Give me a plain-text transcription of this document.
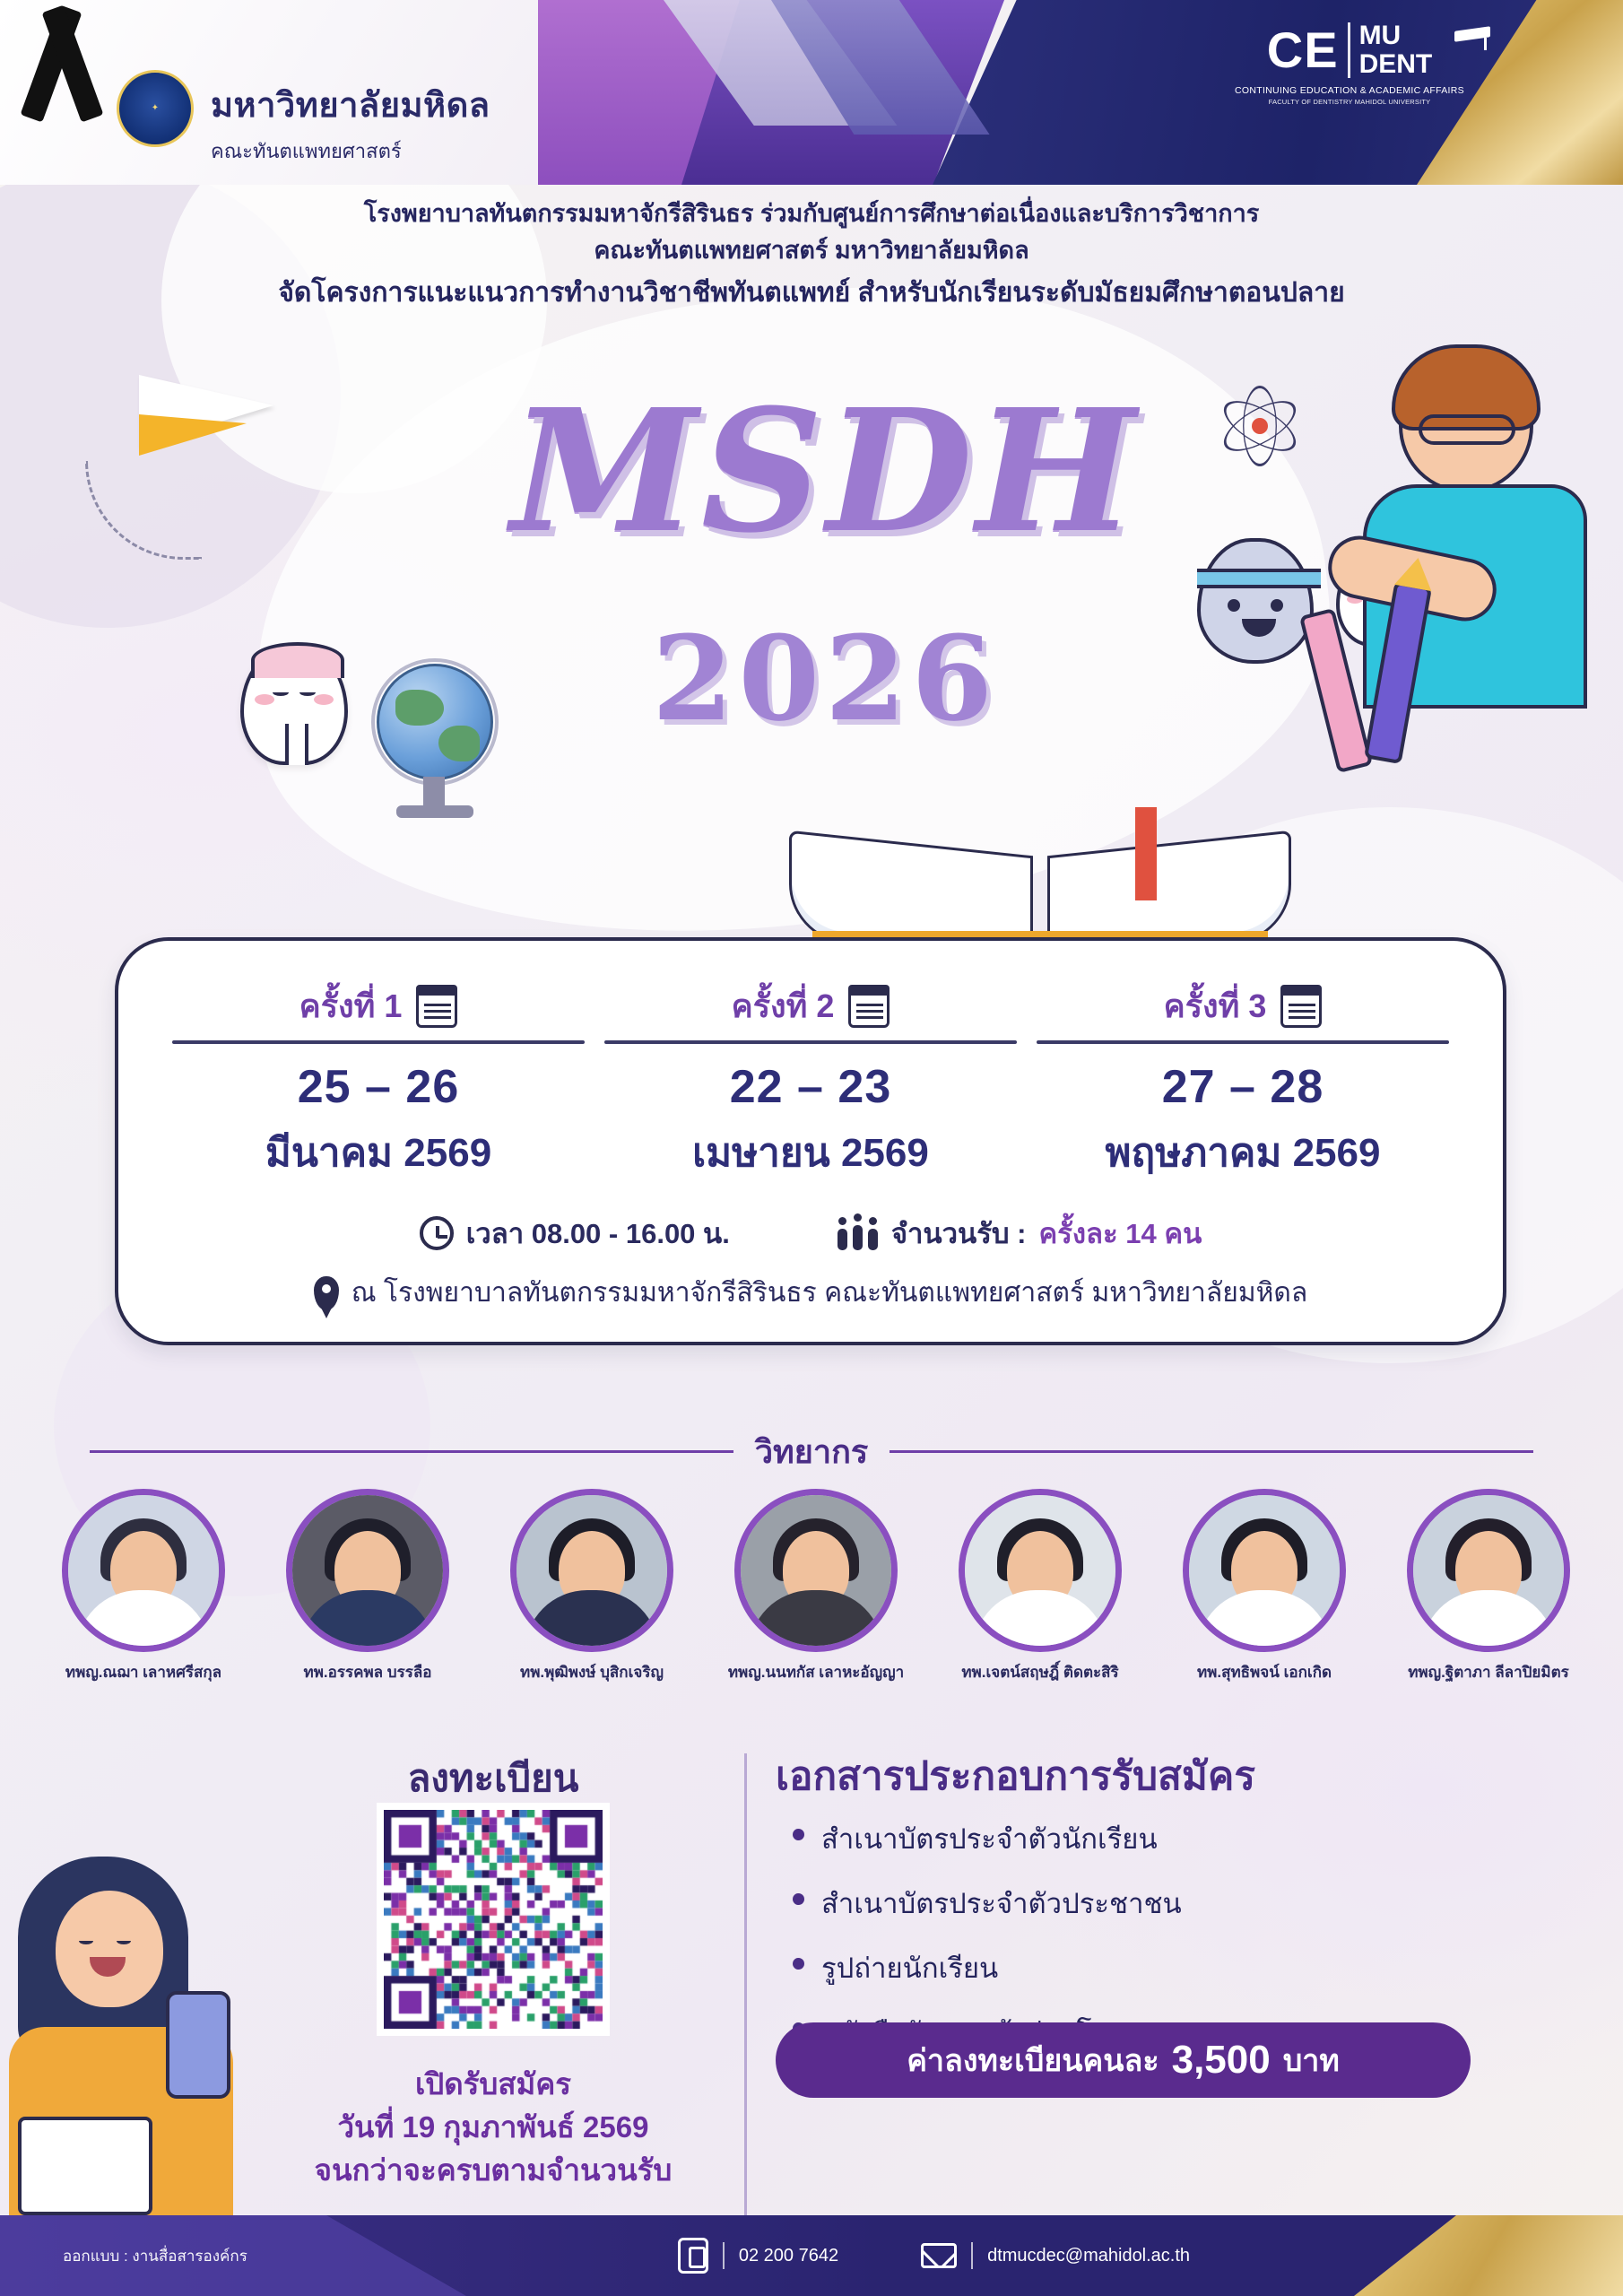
✦ มหาวิทยาลัยมหิดล
คณะทันตแพทยศาสตร์
CE MU
DENT
CONTINUING EDUCATION & ACADEMIC AFFAIRS
FACULTY OF DENTISTRY MAHIDOL UNIVERSITY
โรงพยาบาลทันตกรรมมหาจักรีสิรินธร ร่วมกับศูนย์การศึกษาต่อเนื่องและบริการวิชาการ
คณะทันตแพทยศาสตร์ มหาวิทยาลัยมหิดล
จัดโครงการแนะแนวการทำงานวิชาชีพทันตแพทย์ สำหรับนักเรียนระดับมัธยมศึกษาตอนปลาย
MSDH
2026
ครั้งที่ 1
25 – 26
มีนาคม 2569
ครั้งที่ 2
22 – 23
เมษายน 2569
ครั้งที่ 3
27 – 28
พฤษภาคม 2569
เวลา 08.00 - 16.00 น.	จำนวนรับ : ครั้งละ 14 คน
ณ โรงพยาบาลทันตกรรมมหาจักรีสิรินธร คณะทันตแพทยศาสตร์ มหาวิทยาลัยมหิดล
วิทยากร
ทพญ.ณฌา เลาหศรีสกุล	ทพ.อรรคพล บรรลือ	ทพ.พุฒิพงษ์ บุสิกเจริญ	ทพญ.นนทกัส เลาหะอัญญา	ทพ.เจตน์สฤษฎิ์ ติดตะสิริ	ทพ.สุทธิพจน์ เอกเกิด	ทพญ.ฐิตาภา ลีลาปิยมิตร
ลงทะเบียน
เปิดรับสมัคร
วันที่ 19 กุมภาพันธ์ 2569
จนกว่าจะครบตามจำนวนรับ
เอกสารประกอบการรับสมัคร
สำเนาบัตรประจำตัวนักเรียน
สำเนาบัตรประจำตัวประชาชน
รูปถ่ายนักเรียน
ค่าลงทะเบียนคนละ 3,500 บาท
ออกแบบ : งานสื่อสารองค์กร	02 200 7642	dtmucdec@mahidol.ac.th
